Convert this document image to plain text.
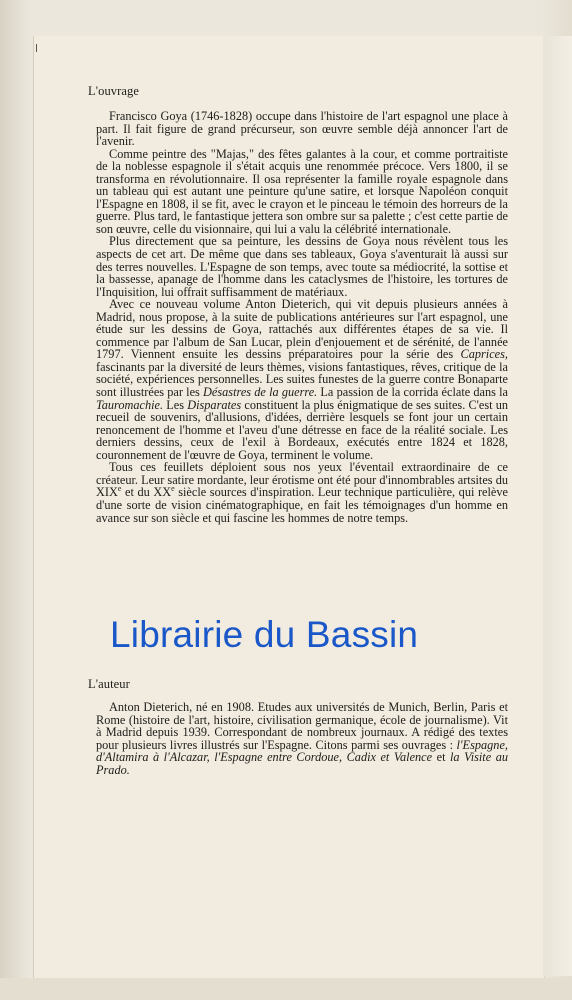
L'ouvrage

Francisco Goya (1746-1828) occupe dans l'histoire de l'art espagnol une place à part. Il fait figure de grand précurseur, son œuvre semble déjà annoncer l'art de l'avenir.

Comme peintre des "Majas," des fêtes galantes à la cour, et comme portraitiste de la noblesse espagnole il s'était acquis une renommée précoce. Vers 1800, il se transforma en révolutionnaire. Il osa représenter la famille royale espagnole dans un tableau qui est autant une peinture qu'une satire, et lorsque Napoléon conquit l'Espagne en 1808, il se fit, avec le crayon et le pinceau le témoin des horreurs de la guerre. Plus tard, le fantastique jettera son ombre sur sa palette ; c'est cette partie de son œuvre, celle du visionnaire, qui lui a valu la célébrité internationale.

Plus directement que sa peinture, les dessins de Goya nous révèlent tous les aspects de cet art. De même que dans ses tableaux, Goya s'aventurait là aussi sur des terres nouvelles. L'Espagne de son temps, avec toute sa médiocrité, la sottise et la bassesse, apanage de l'homme dans les cataclysmes de l'histoire, les tortures de l'Inquisition, lui offrait suffisamment de matériaux.

Avec ce nouveau volume Anton Dieterich, qui vit depuis plusieurs années à Madrid, nous propose, à la suite de publications antérieures sur l'art espagnol, une étude sur les dessins de Goya, rattachés aux différentes étapes de sa vie. Il commence par l'album de San Lucar, plein d'enjouement et de sérénité, de l'année 1797. Viennent ensuite les dessins préparatoires pour la série des Caprices, fascinants par la diversité de leurs thèmes, visions fantastiques, rêves, critique de la société, expériences personnelles. Les suites funestes de la guerre contre Bonaparte sont illustrées par les Désastres de la guerre. La passion de la corrida éclate dans la Tauromachie. Les Disparates constituent la plus énigmatique de ses suites. C'est un recueil de souvenirs, d'allusions, d'idées, derrière lesquels se font jour un certain renoncement de l'homme et l'aveu d'une détresse en face de la réalité sociale. Les derniers dessins, ceux de l'exil à Bordeaux, exécutés entre 1824 et 1828, couronnement de l'œuvre de Goya, terminent le volume.

Tous ces feuillets déploient sous nos yeux l'éventail extraordinaire de ce créateur. Leur satire mordante, leur érotisme ont été pour d'innombrables artsites du XIXe et du XXe siècle sources d'inspiration. Leur technique particulière, qui relève d'une sorte de vision cinématographique, en fait les témoignages d'un homme en avance sur son siècle et qui fascine les hommes de notre temps.

L'auteur

Anton Dieterich, né en 1908. Etudes aux universités de Munich, Berlin, Paris et Rome (histoire de l'art, histoire, civilisation germanique, école de journalisme). Vit à Madrid depuis 1939. Correspondant de nombreux journaux. A rédigé des textes pour plusieurs livres illustrés sur l'Espagne. Citons parmi ses ouvrages : l'Espagne, d'Altamira à l'Alcazar, l'Espagne entre Cordoue, Cadix et Valence et la Visite au Prado.

Librairie du Bassin
